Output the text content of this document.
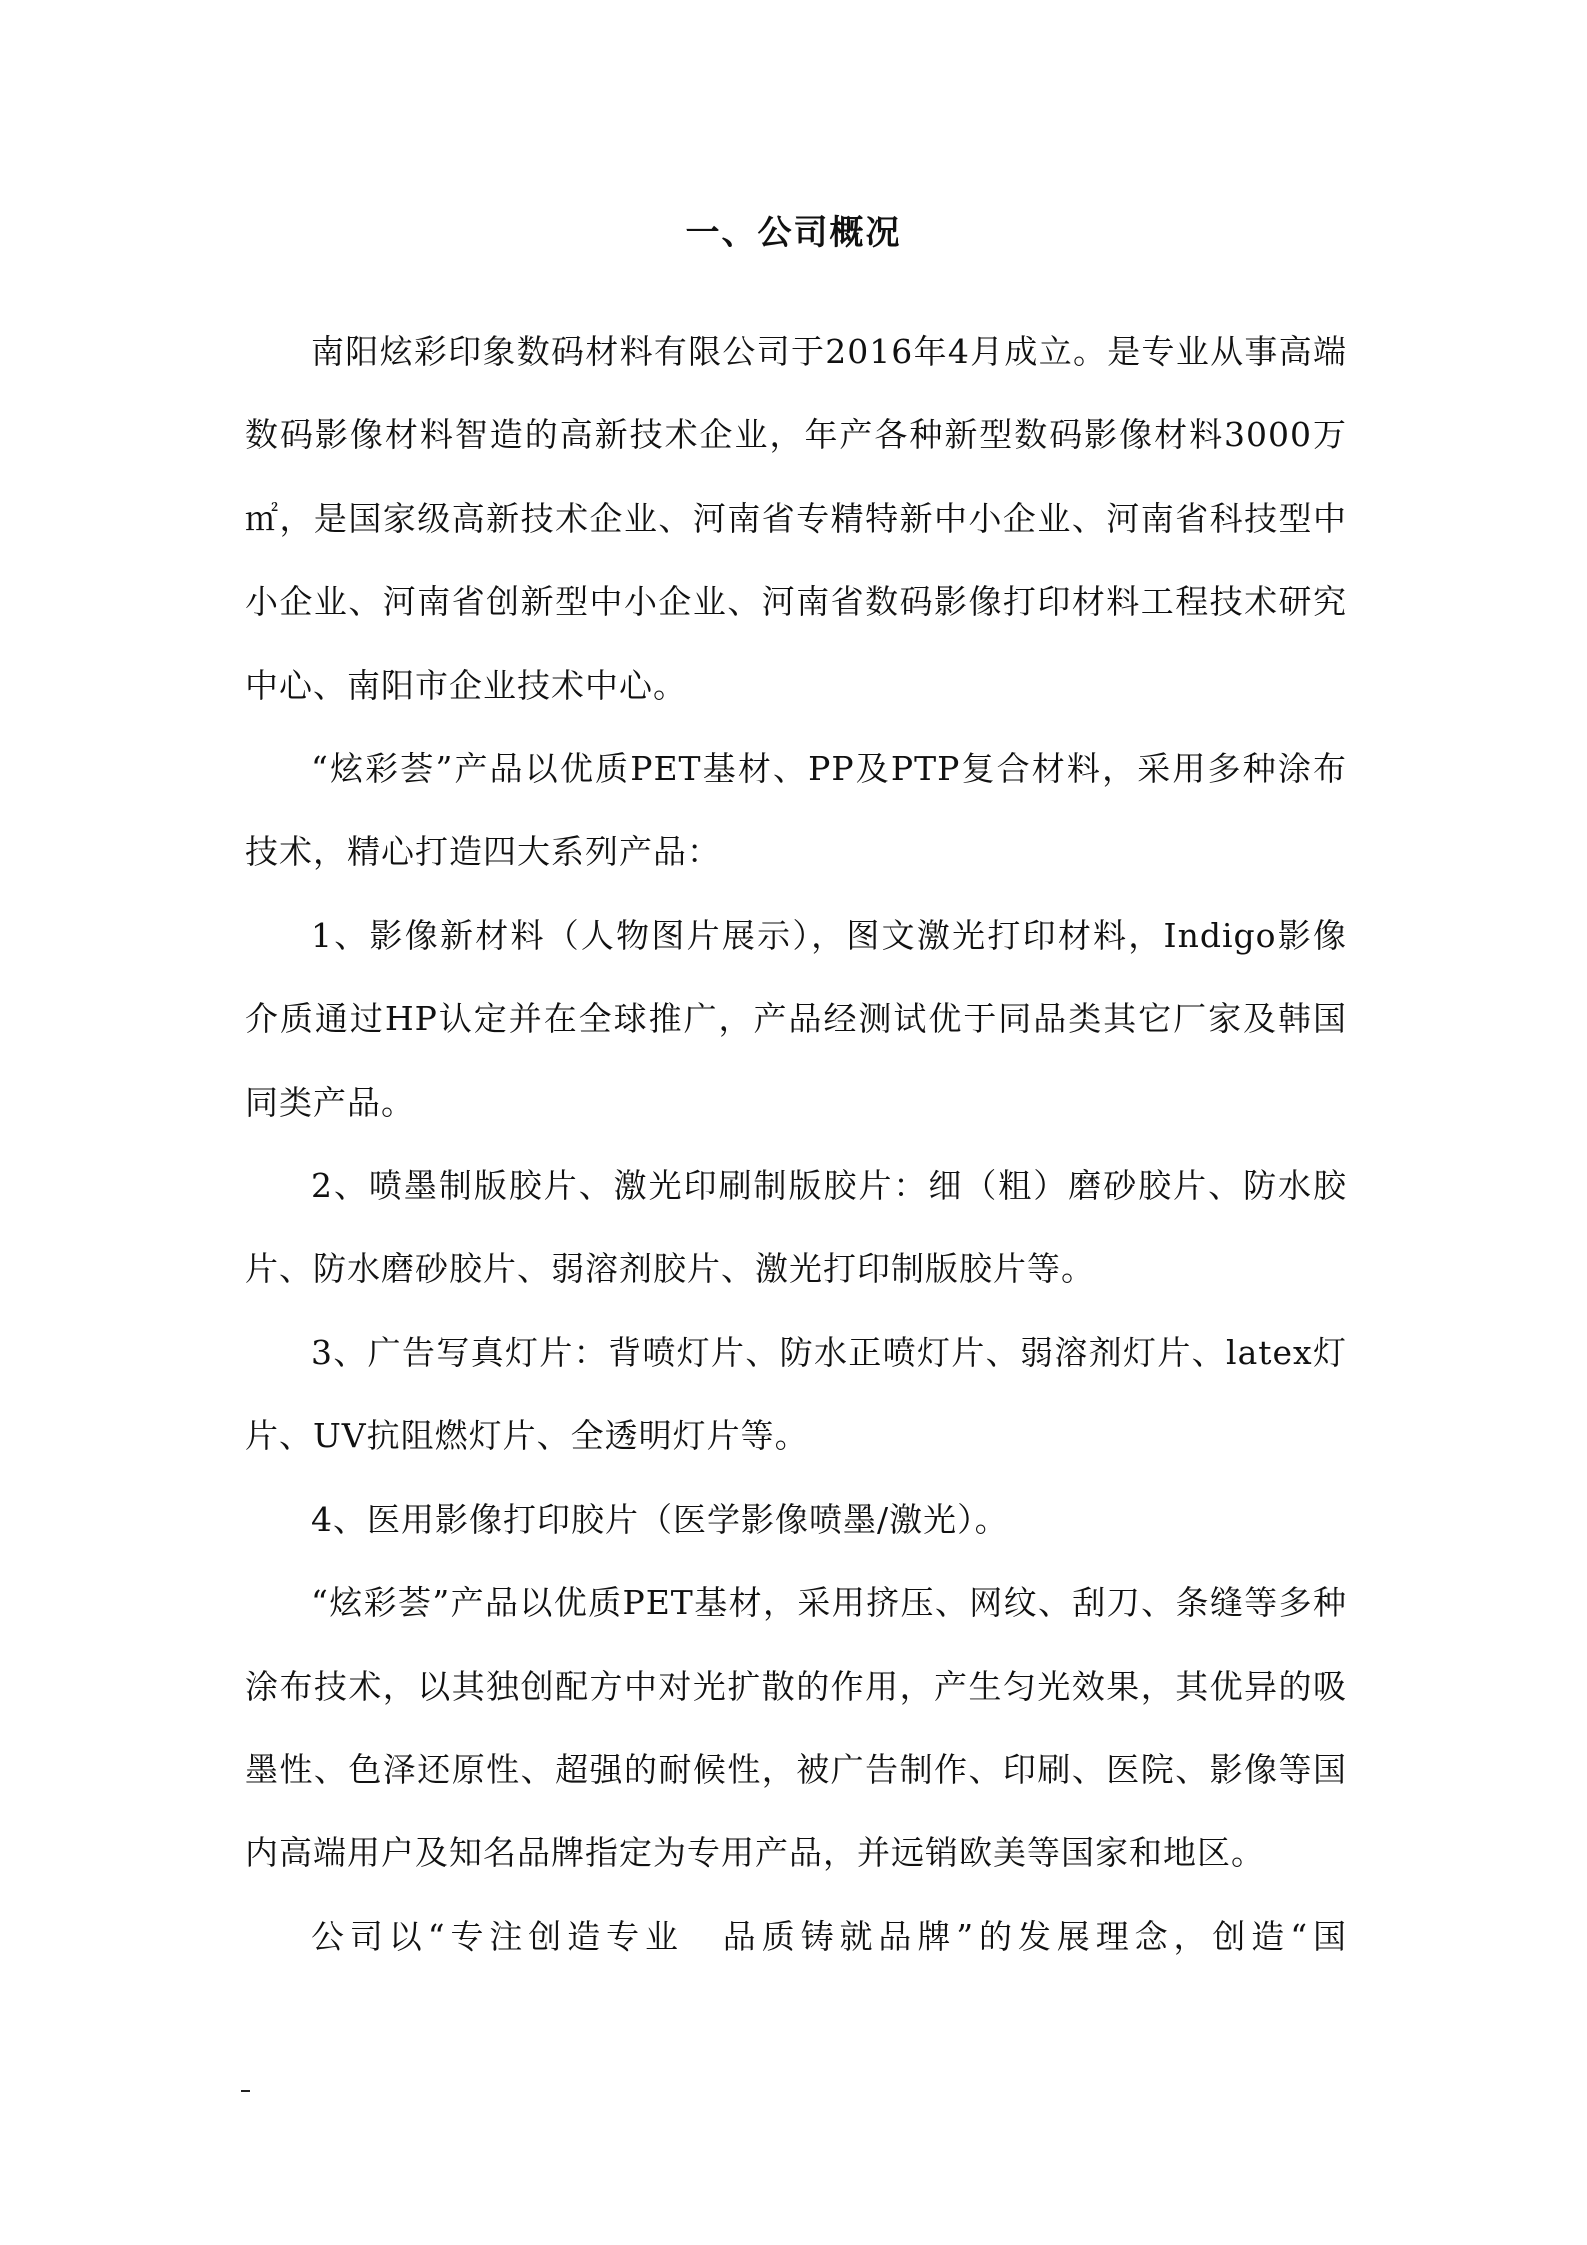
一、公司概况

南阳炫彩印象数码材料有限公司于2016年4月成立。是专业从事高端数码影像材料智造的高新技术企业，年产各种新型数码影像材料3000万㎡，是国家级高新技术企业、河南省专精特新中小企业、河南省科技型中小企业、河南省创新型中小企业、河南省数码影像打印材料工程技术研究中心、南阳市企业技术中心。

“炫彩荟”产品以优质PET基材、PP及PTP复合材料，采用多种涂布技术，精心打造四大系列产品：

1、影像新材料（人物图片展示），图文激光打印材料，Indigo影像介质通过HP认定并在全球推广，产品经测试优于同品类其它厂家及韩国同类产品。

2、喷墨制版胶片、激光印刷制版胶片：细（粗）磨砂胶片、防水胶片、防水磨砂胶片、弱溶剂胶片、激光打印制版胶片等。

3、广告写真灯片：背喷灯片、防水正喷灯片、弱溶剂灯片、latex灯片、UV抗阻燃灯片、全透明灯片等。

4、医用影像打印胶片（医学影像喷墨/激光）。

“炫彩荟”产品以优质PET基材，采用挤压、网纹、刮刀、条缝等多种涂布技术，以其独创配方中对光扩散的作用，产生匀光效果，其优异的吸墨性、色泽还原性、超强的耐候性，被广告制作、印刷、医院、影像等国内高端用户及知名品牌指定为专用产品，并远销欧美等国家和地区。

公司以“专注创造专业　品质铸就品牌”的发展理念，创造“国
